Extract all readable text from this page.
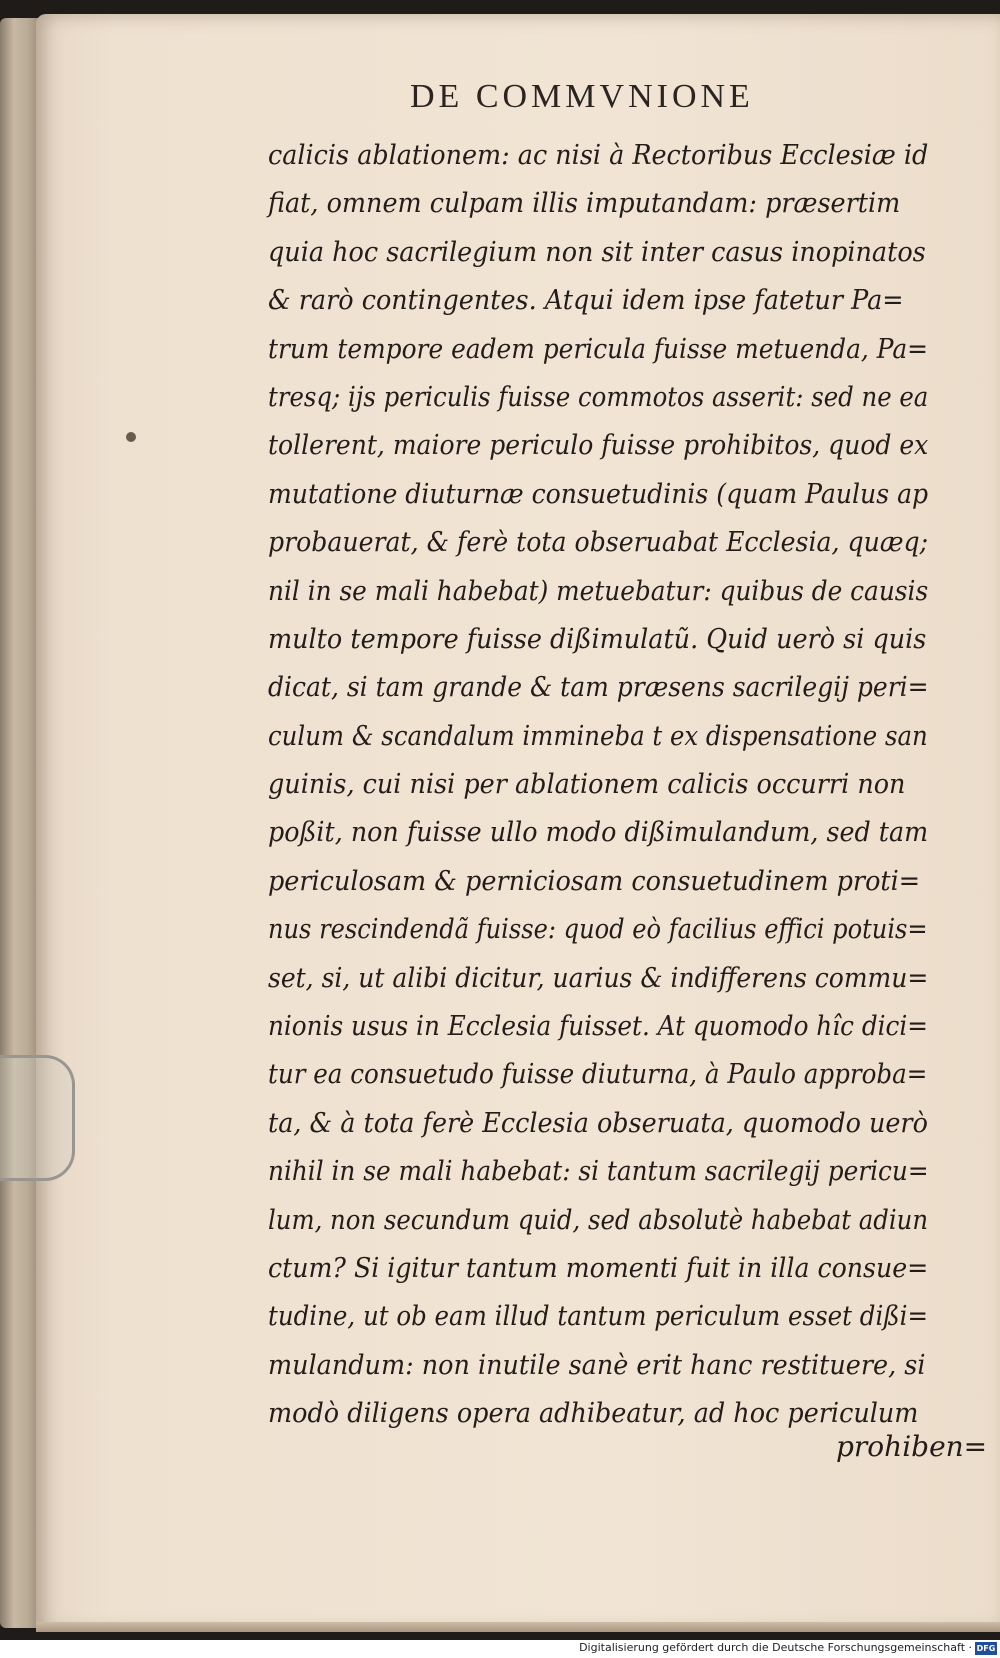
DE COMMVNIONE
calicis ablationem: ac nisi à Rectoribus Ecclesiæ id
fiat, omnem culpam illis imputandam: præsertim
quia hoc sacrilegium non sit inter casus inopinatos
& rarò contingentes. Atqui idem ipse fatetur Pa=
trum tempore eadem pericula fuisse metuenda, Pa=
tresq; ijs periculis fuisse commotos asserit: sed ne ea
tollerent, maiore periculo fuisse prohibitos, quod ex
mutatione diuturnæ consuetudinis (quam Paulus ap
probauerat, & ferè tota obseruabat Ecclesia, quæq;
nil in se mali habebat) metuebatur: quibus de causis
multo tempore fuisse dißimulatũ. Quid uerò si quis
dicat, si tam grande & tam præsens sacrilegij peri=
culum & scandalum immineba t ex dispensatione san
guinis, cui nisi per ablationem calicis occurri non
poßit, non fuisse ullo modo dißimulandum, sed tam
periculosam & perniciosam consuetudinem proti=
nus rescindendã fuisse: quod eò facilius effici potuis=
set, si, ut alibi dicitur, uarius & indifferens commu=
nionis usus in Ecclesia fuisset. At quomodo hîc dici=
tur ea consuetudo fuisse diuturna, à Paulo approba=
ta, & à tota ferè Ecclesia obseruata, quomodo uerò
nihil in se mali habebat: si tantum sacrilegij pericu=
lum, non secundum quid, sed absolutè habebat adiun
ctum? Si igitur tantum momenti fuit in illa consue=
tudine, ut ob eam illud tantum periculum esset dißi=
mulandum: non inutile sanè erit hanc restituere, si
modò diligens opera adhibeatur, ad hoc periculum
prohiben=
Digitalisierung gefördert durch die Deutsche Forschungsgemeinschaft · DFG
